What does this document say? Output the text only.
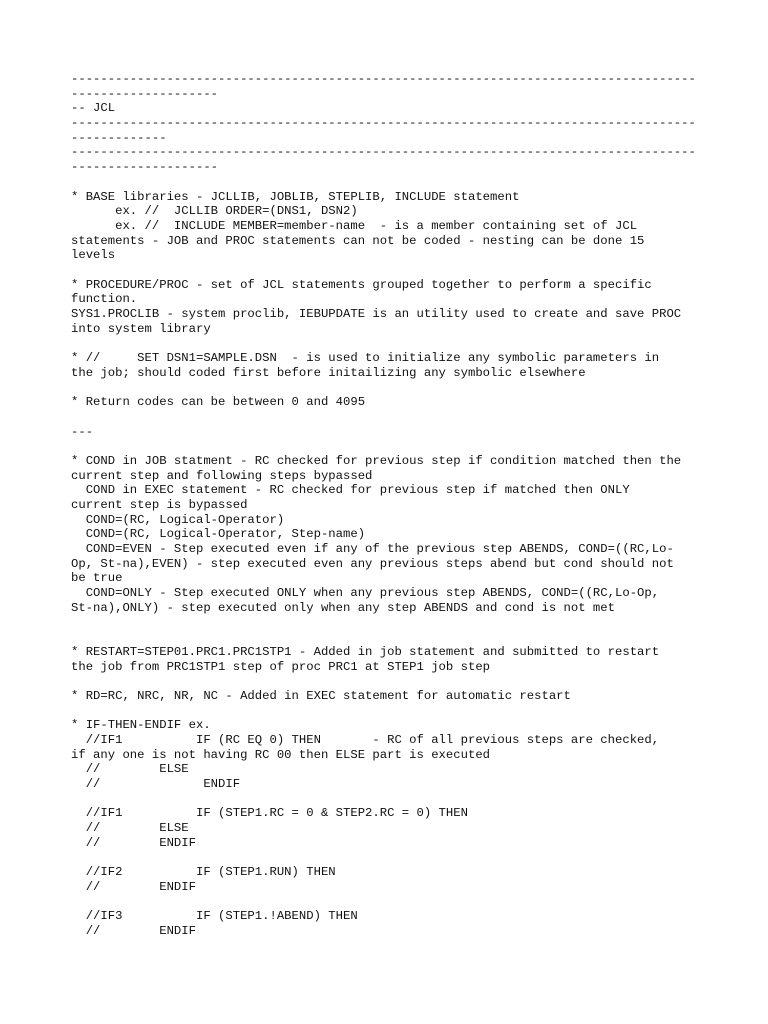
-------------------------------------------------------------------------------------
--------------------
-- JCL
-------------------------------------------------------------------------------------
-------------
-------------------------------------------------------------------------------------
--------------------
* BASE libraries - JCLLIB, JOBLIB, STEPLIB, INCLUDE statement
ex. //  JCLLIB ORDER=(DNS1, DSN2)
ex. //  INCLUDE MEMBER=member-name  - is a member containing set of JCL
statements - JOB and PROC statements can not be coded - nesting can be done 15
levels
* PROCEDURE/PROC - set of JCL statements grouped together to perform a specific
function.
SYS1.PROCLIB - system proclib, IEBUPDATE is an utility used to create and save PROC
into system library
* //     SET DSN1=SAMPLE.DSN  - is used to initialize any symbolic parameters in
the job; should coded first before initailizing any symbolic elsewhere
* Return codes can be between 0 and 4095
---
* COND in JOB statment - RC checked for previous step if condition matched then the
current step and following steps bypassed
COND in EXEC statement - RC checked for previous step if matched then ONLY
current step is bypassed
COND=(RC, Logical-Operator)
COND=(RC, Logical-Operator, Step-name)
COND=EVEN - Step executed even if any of the previous step ABENDS, COND=((RC,Lo-
Op, St-na),EVEN) - step executed even any previous steps abend but cond should not
be true
COND=ONLY - Step executed ONLY when any previous step ABENDS, COND=((RC,Lo-Op,
St-na),ONLY) - step executed only when any step ABENDS and cond is not met
* RESTART=STEP01.PRC1.PRC1STP1 - Added in job statement and submitted to restart
the job from PRC1STP1 step of proc PRC1 at STEP1 job step
* RD=RC, NRC, NR, NC - Added in EXEC statement for automatic restart
* IF-THEN-ENDIF ex.
//IF1          IF (RC EQ 0) THEN       - RC of all previous steps are checked,
if any one is not having RC 00 then ELSE part is executed
//        ELSE
//              ENDIF
//IF1          IF (STEP1.RC = 0 & STEP2.RC = 0) THEN
//        ELSE
//        ENDIF
//IF2          IF (STEP1.RUN) THEN
//        ENDIF
//IF3          IF (STEP1.!ABEND) THEN
//        ENDIF
